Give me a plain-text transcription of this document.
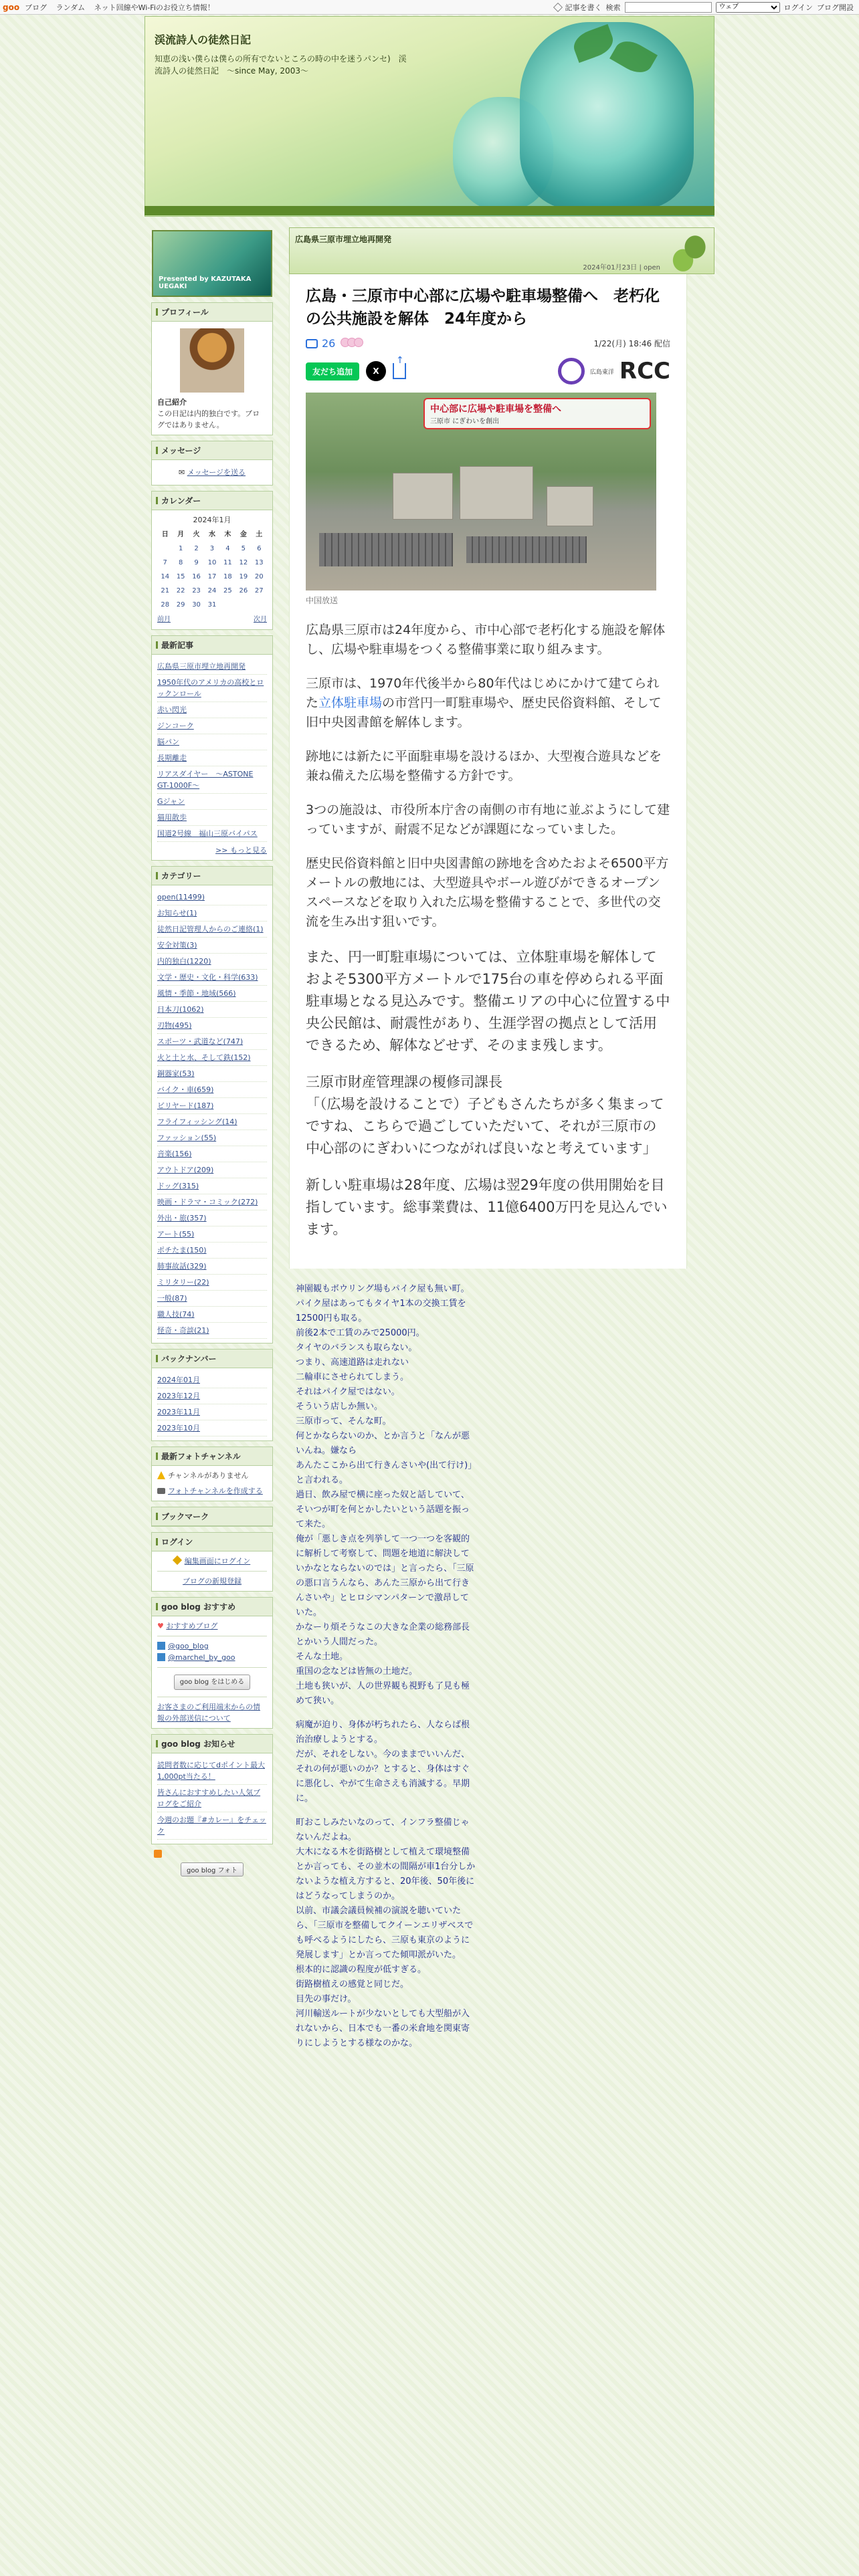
goo ブログ ランダム ネット回線やWi-Fiのお役立ち情報！	記事を書く 検索
ウェブ	ログイン ブログ開設
渓流詩人の徒然日記
知恵の浅い僕らは僕らの所有でないところの時の中を迷うパンセ)　渓流詩人の徒然日記　〜since May, 2003〜
Presented by KAZUTAKA UEGAKI
プロフィール
自己紹介
この日記は内的独白です。ブログではありません。
メッセージ
✉ メッセージを送る
カレンダー
2024年1月
日	月	火	水	木	金	土
	1	2	3	4	5	6
7	8	9	10	11	12	13
14	15	16	17	18	19	20
21	22	23	24	25	26	27
28	29	30	31			
前月	次月
最新記事
広島県三原市埋立地再開発
1950年代のアメリカの高校とロックンロール
赤い閃光
ジンコーク
脳パン
長期離走
リアスダイヤー　〜ASTONE GT-1000F〜
Gジャン
猫用散歩
国道2号線　福山三原バイパス
>> もっと見る
カテゴリー
open(11499)
お知らせ(1)
徒然日記管理人からのご連絡(1)
安全対策(3)
内的独白(1220)
文学・歴史・文化・科学(633)
風情・季節・地域(566)
日本刀(1062)
刃物(495)
スポーツ・武道など(747)
火と土と水、そして鉄(152)
銅器家(53)
バイク・車(659)
ビリヤード(187)
フライフィッシング(14)
ファッション(55)
音楽(156)
アウトドア(209)
ドッグ(315)
映画・ドラマ・コミック(272)
外出・旅(357)
アート(55)
ポチたま(150)
肺事故話(329)
ミリタリー(22)
一般(87)
職人技(74)
怪奇・奇談(21)
バックナンバー
2024年01月
2023年12月
2023年11月
2023年10月
最新フォトチャンネル
チャンネルがありません
フォトチャンネルを作成する
ブックマーク
ログイン
編集画面にログイン
ブログの新規登録
goo blog おすすめ
♥ おすすめブログ
@goo_blog
@marchel_by_goo
goo blog をはじめる
お客さまのご利用端末からの情報の外部送信について
goo blog お知らせ
読問者数に応じてdポイント最大1,000pt当たる！
皆さんにおすすめしたい人気ブログをご紹介
今週のお題『#カレー』をチェック
goo blog フォト
広島県三原市埋立地再開発
2024年01月23日 | open
広島・三原市中心部に広場や駐車場整備へ　老朽化の公共施設を解体　24年度から
26	1/22(月) 18:46 配信
友だち追加	X ↑	広島東洋 RCC
中心部に広場や駐車場を整備へ
三原市 にぎわいを創出
中国放送

広島県三原市は24年度から、市中心部で老朽化する施設を解体し、広場や駐車場をつくる整備事業に取り組みます。

三原市は、1970年代後半から80年代はじめにかけて建てられた立体駐車場の市営円一町駐車場や、歴史民俗資料館、そして旧中央図書館を解体します。

跡地には新たに平面駐車場を設けるほか、大型複合遊具などを兼ね備えた広場を整備する方針です。

3つの施設は、市役所本庁舎の南側の市有地に並ぶようにして建っていますが、耐震不足などが課題になっていました。

歴史民俗資料館と旧中央図書館の跡地を含めたおよそ6500平方メートルの敷地には、大型遊具やボール遊びができるオープンスペースなどを取り入れた広場を整備することで、多世代の交流を生み出す狙いです。

また、円一町駐車場については、立体駐車場を解体しておよそ5300平方メートルで175台の車を停められる平面駐車場となる見込みです。整備エリアの中心に位置する中央公民館は、耐震性があり、生涯学習の拠点として活用できるため、解体などせず、そのまま残します。

三原市財産管理課の榎修司課長

「（広場を設けることで）子どもさんたちが多く集まってですね、こちらで過ごしていただいて、それが三原市の中心部のにぎわいにつながれば良いなと考えています」

新しい駐車場は28年度、広場は翌29年度の供用開始を目指しています。総事業費は、11億6400万円を見込んでいます。

神園観もボウリング場もパイク屋も無い町。
パイク屋はあってもタイヤ1本の交換工賃を12500円も取る。
前後2本で工賃のみで25000円。
タイヤのバランスも取らない。
つまり、高速道路は走れない
二輪車にさせられてしまう。
それはパイク屋ではない。
そういう店しか無い。
三原市って、そんな町。
何とかならないのか、とか言うと「なんが悪いんね。嫌なら
あんたここから出て行きんさいや(出て行け)」と言われる。
過日、飲み屋で横に座った奴と話していて、そいつが町を何とかしたいという話題を振って来た。
俺が「悪しき点を列挙して一つ一つを客観的に解析して考察して、問題を地道に解決していかなとならないのでは」と言ったら、「三原の悪口言うんなら、あんた三原から出て行きんさいや」とヒロシマンパターンで激昂していた。
かなーり煩そうなこの大きな企業の総務部長とかいう人間だった。
そんな土地。
重国の念などは皆無の土地だ。
土地も狭いが、人の世界観も視野も了見も極めて狭い。
病魔が迫り、身体が朽ちれたら、人ならば根治治療しようとする。
だが、それをしない。今のままでいいんだ、それの何が悪いのか？とすると、身体はすぐに悪化し、やがて生命さえも消滅する。早期に。
町おこしみたいなのって、インフラ整備じゃないんだよね。
大木になる木を街路樹として植えて環境整備とか言っても、その並木の間隔が車1台分しかないような植え方すると、20年後、50年後にはどうなってしまうのか。
以前、市議会議員候補の演説を聴いていたら、「三原市を整備してクイーンエリザベスでも呼べるようにしたら、三原も東京のように発展します」とか言ってた傾叩派がいた。
根本的に認識の程度が低すぎる。
街路樹植えの感覚と同じだ。
目先の事だけ。
河川輸送ルートが少ないとしても大型船が入れないから、日本でも一番の米倉地を関東寄りにしようとする様なのかな。
